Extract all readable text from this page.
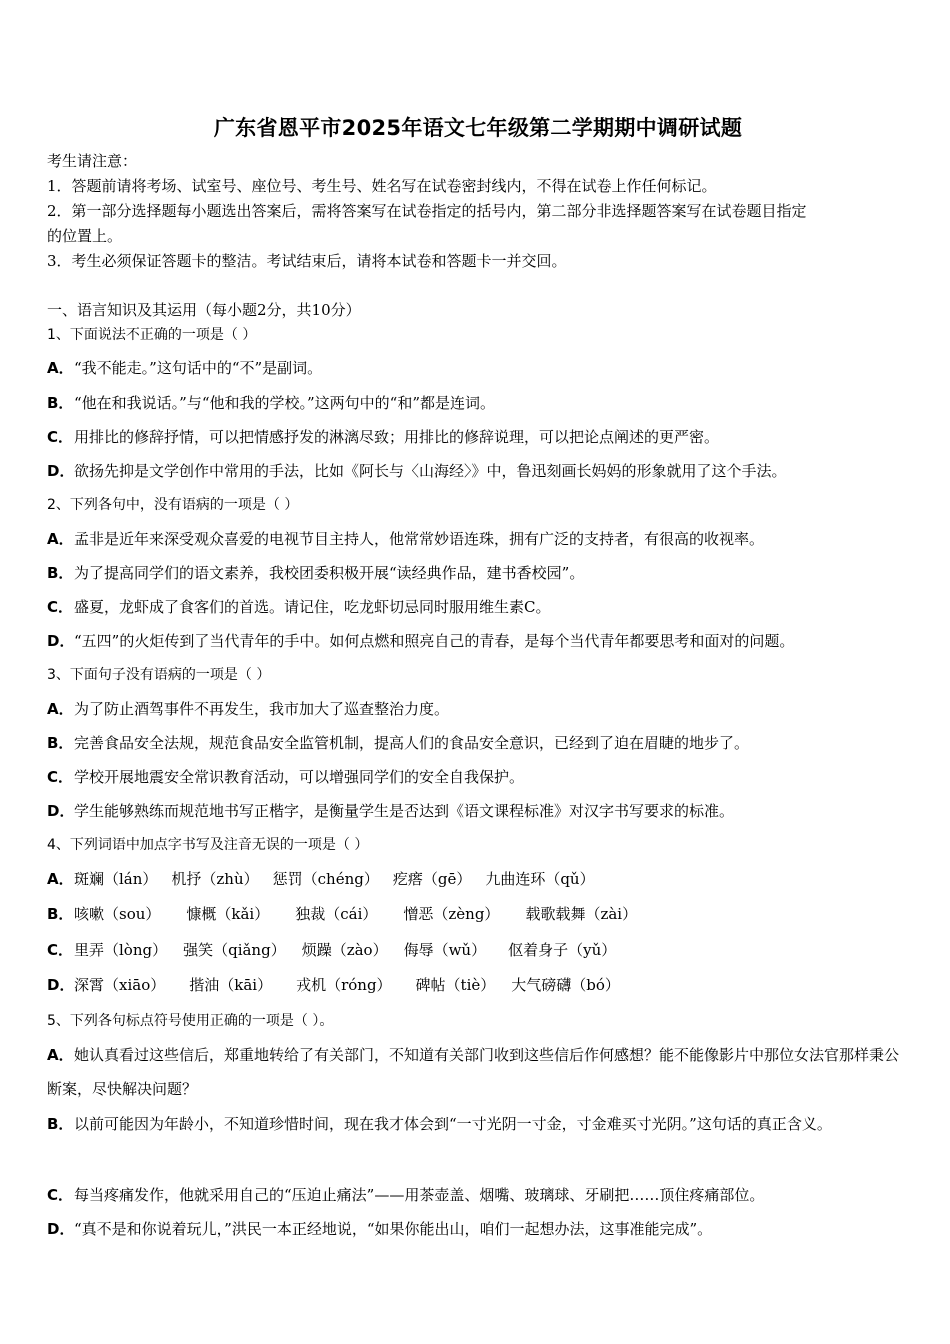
广东省恩平市2025年语文七年级第二学期期中调研试题
考生请注意：
1．答题前请将考场、试室号、座位号、考生号、姓名写在试卷密封线内，不得在试卷上作任何标记。
2．第一部分选择题每小题选出答案后，需将答案写在试卷指定的括号内，第二部分非选择题答案写在试卷题目指定
的位置上。
3．考生必须保证答题卡的整洁。考试结束后，请将本试卷和答题卡一并交回。
一、语言知识及其运用（每小题2分，共10分）
1、下面说法不正确的一项是（ ）
A．“我不能走。”这句话中的“不”是副词。
B．“他在和我说话。”与“他和我的学校。”这两句中的“和”都是连词。
C．用排比的修辞抒情，可以把情感抒发的淋漓尽致；用排比的修辞说理，可以把论点阐述的更严密。
D．欲扬先抑是文学创作中常用的手法，比如《阿长与〈山海经〉》中，鲁迅刻画长妈妈的形象就用了这个手法。
2、下列各句中，没有语病的一项是（ ）
A．孟非是近年来深受观众喜爱的电视节目主持人，他常常妙语连珠，拥有广泛的支持者，有很高的收视率。
B．为了提高同学们的语文素养，我校团委积极开展“读经典作品，建书香校园”。
C．盛夏，龙虾成了食客们的首选。请记住，吃龙虾切忌同时服用维生素C。
D．“五四”的火炬传到了当代青年的手中。如何点燃和照亮自己的青春，是每个当代青年都要思考和面对的问题。
3、下面句子没有语病的一项是（ ）
A．为了防止酒驾事件不再发生，我市加大了巡查整治力度。
B．完善食品安全法规，规范食品安全监管机制，提高人们的食品安全意识，已经到了迫在眉睫的地步了。
C．学校开展地震安全常识教育活动，可以增强同学们的安全自我保护。
D．学生能够熟练而规范地书写正楷字，是衡量学生是否达到《语文课程标准》对汉字书写要求的标准。
4、下列词语中加点字书写及注音无误的一项是（ ）
A．斑斓（lán） 机抒（zhù） 惩罚（chéng） 疙瘩（gē） 九曲连环（qǔ）
B．咳嗽（sou） 慷概（kǎi） 独裁（cái） 憎恶（zèng） 载歌载舞（zài）
C．里弄（lòng） 强笑（qiǎng） 烦躁（zào） 侮辱（wǔ） 伛着身子（yǔ）
D．深霄（xiāo） 揩油（kāi） 戎机（róng） 碑帖（tiè） 大气磅礴（bó）
5、下列各句标点符号使用正确的一项是（ ）。
A．她认真看过这些信后，郑重地转给了有关部门，不知道有关部门收到这些信后作何感想？能不能像影片中那位女法官那样秉公断案，尽快解决问题？
B．以前可能因为年龄小，不知道珍惜时间，现在我才体会到“一寸光阴一寸金，寸金难买寸光阴。”这句话的真正含义。
C．每当疼痛发作，他就采用自己的“压迫止痛法”——用茶壶盖、烟嘴、玻璃球、牙刷把……顶住疼痛部位。
D．“真不是和你说着玩儿，”洪民一本正经地说，“如果你能出山，咱们一起想办法，这事准能完成”。
